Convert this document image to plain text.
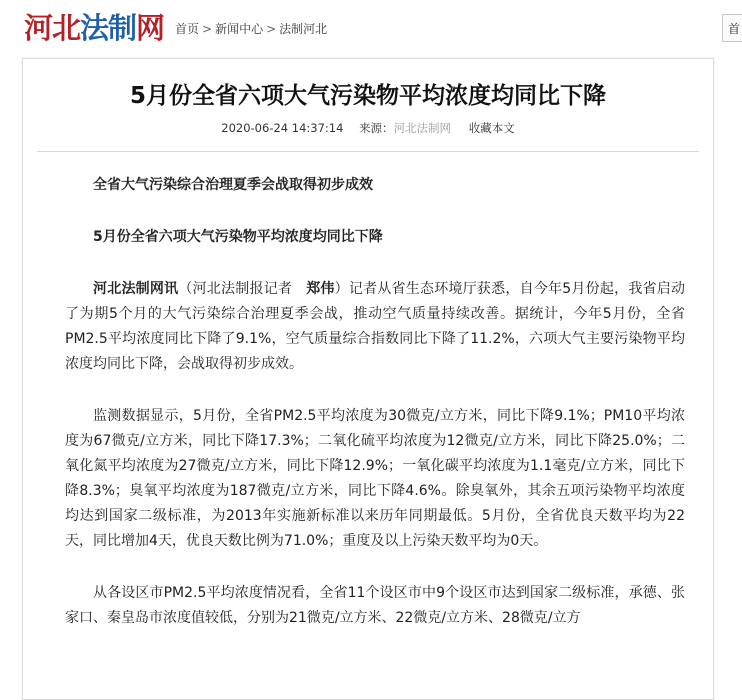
河北法制网 首页 > 新闻中心 > 法制河北	首
5月份全省六项大气污染物平均浓度均同比下降
2020-06-24 14:37:14 来源：河北法制网 收藏本文

全省大气污染综合治理夏季会战取得初步成效

5月份全省六项大气污染物平均浓度均同比下降

河北法制网讯（河北法制报记者 郑伟）记者从省生态环境厅获悉，自今年5月份起，我省启动了为期5个月的大气污染综合治理夏季会战，推动空气质量持续改善。据统计，今年5月份，全省PM2.5平均浓度同比下降了9.1%，空气质量综合指数同比下降了11.2%，六项大气主要污染物平均浓度均同比下降，会战取得初步成效。

监测数据显示，5月份，全省PM2.5平均浓度为30微克/立方米，同比下降9.1%；PM10平均浓度为67微克/立方米，同比下降17.3%；二氧化硫平均浓度为12微克/立方米，同比下降25.0%；二氧化氮平均浓度为27微克/立方米，同比下降12.9%；一氧化碳平均浓度为1.1毫克/立方米，同比下降8.3%；臭氧平均浓度为187微克/立方米，同比下降4.6%。除臭氧外，其余五项污染物平均浓度均达到国家二级标准，为2013年实施新标准以来历年同期最低。5月份，全省优良天数平均为22天，同比增加4天，优良天数比例为71.0%；重度及以上污染天数平均为0天。

从各设区市PM2.5平均浓度情况看，全省11个设区市中9个设区市达到国家二级标准，承德、张家口、秦皇岛市浓度值较低，分别为21微克/立方米、22微克/立方米、28微克/立方
